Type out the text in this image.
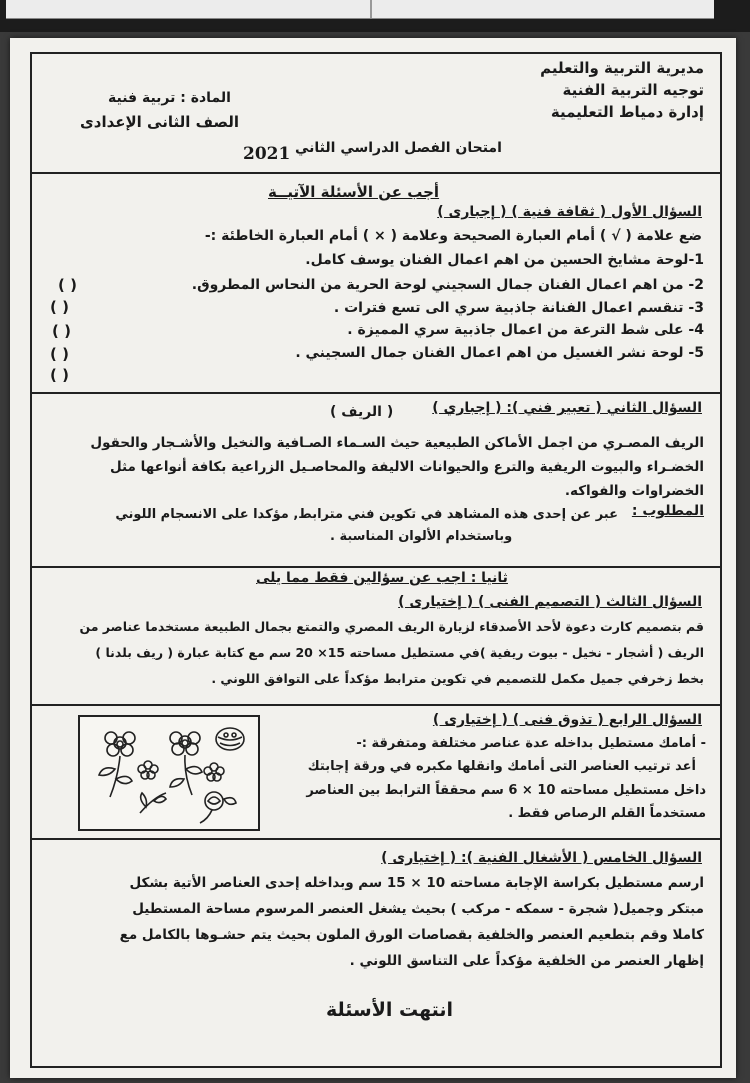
مديرية التربية والتعليم
توجيه التربية الفنية
إدارة دمياط التعليمية
المادة : تربية فنية
الصف الثانى الإعدادى
امتحان الفصل الدراسي الثاني
2021
أجب عن الأسئلة الآتيــة
السؤال الأول ( ثقافة فنية ) ( إجبارى )
ضع علامة ( √ ) أمام العبارة الصحيحة وعلامة ( × ) أمام العبارة الخاطئة :-
1-لوحة مشايخ الحسين من اهم اعمال الفنان يوسف كامل.
2- من اهم اعمال الفنان جمال السجيني لوحة الحرية من النحاس المطروق.
3- تنقسم اعمال الفنانة جاذبية سري الى تسع فترات .
4- على شط الترعة من اعمال جاذبية سري المميزة .
5- لوحة نشر الغسيل من اهم اعمال الفنان جمال السجيني .
( )
( )
( )
( )
( )
السؤال الثاني ( تعبير فني ): ( إجباري )
( الريف )
الريف المصـري من اجمل الأماكن الطبيعية حيث السـماء الصـافية والنخيل والأشـجار والحقول
الخضـراء والبيوت الريفية والترع والحيوانات الاليفة والمحاصـيل الزراعية بكافة أنواعها مثل
الخضراوات والفواكه.
المطلوب :
عبر عن إحدى هذه المشاهد في تكوين فني مترابط, مؤكدا على الانسجام اللوني
وباستخدام الألوان المناسبة .
ثانيا : اجب عن سؤالين فقط مما يلى
السؤال الثالث ( التصميم الفنى ) ( إختيارى )
قم بتصميم كارت دعوة لأحد الأصدقاء لزيارة الريف المصري والتمتع بجمال الطبيعة مستخدما عناصر من
الريف ( أشجار - نخيل - بيوت ريفية )في مستطيل مساحته 15× 20 سم مع كتابة عبارة ( ريف بلدنا )
بخط زخرفي جميل مكمل للتصميم في تكوين مترابط مؤكداً على التوافق اللوني .
السؤال الرابع ( تذوق فنى ) ( إختيارى )
- أمامك مستطيل بداخله عدة عناصر مختلفة ومتفرقة :-
أعد ترتيب العناصر التى أمامك وانقلها مكبره في ورقة إجابتك
داخل مستطيل مساحته 10 × 6 سم محققاً الترابط بين العناصر
مستخدماً القلم الرصاص فقط .
السؤال الخامس ( الأشغال الفنية ): ( إختيارى )
ارسم مستطيل بكراسة الإجابة مساحته 10 × 15 سم وبداخله إحدى العناصر الأتية بشكل
مبتكر وجميل( شجرة - سمكه - مركب ) بحيث يشغل العنصر المرسوم مساحة المستطيل
كاملا وقم بتطعيم العنصر والخلفية بقصاصات الورق الملون بحيث يتم حشـوها بالكامل مع
إظهار العنصر من الخلفية مؤكداً على التناسق اللوني .
انتهت الأسئلة
